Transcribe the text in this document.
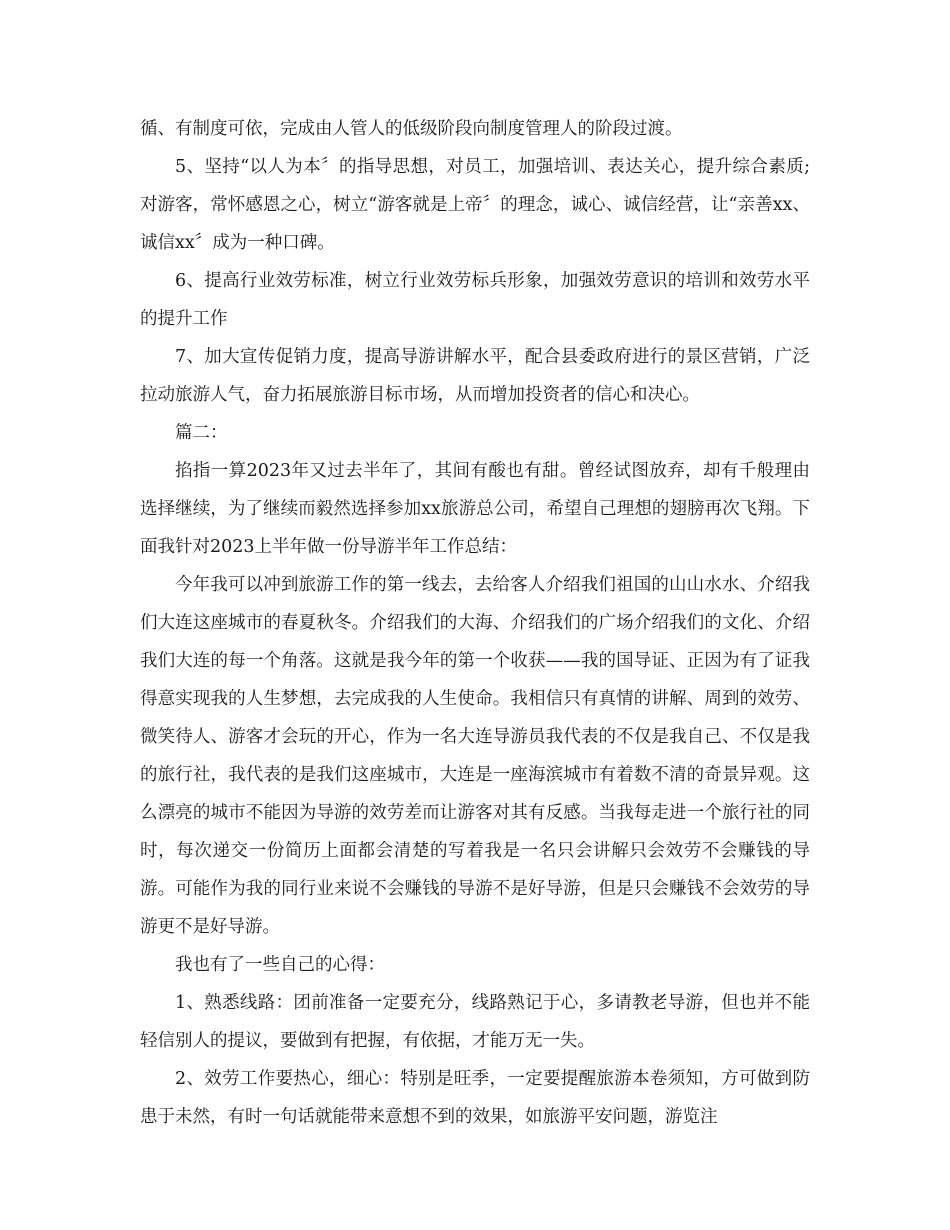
循、有制度可依，完成由人管人的低级阶段向制度管理人的阶段过渡。

5、坚持“以人为本〞的指导思想，对员工，加强培训、表达关心，提升综合素质;对游客，常怀感恩之心，树立“游客就是上帝〞的理念，诚心、诚信经营，让“亲善xx、诚信xx〞成为一种口碑。

6、提高行业效劳标准，树立行业效劳标兵形象，加强效劳意识的培训和效劳水平的提升工作

7、加大宣传促销力度，提高导游讲解水平，配合县委政府进行的景区营销，广泛拉动旅游人气，奋力拓展旅游目标市场，从而增加投资者的信心和决心。

篇二：

掐指一算2023年又过去半年了，其间有酸也有甜。曾经试图放弃，却有千般理由选择继续，为了继续而毅然选择参加xx旅游总公司，希望自己理想的翅膀再次飞翔。下面我针对2023上半年做一份导游半年工作总结：

今年我可以冲到旅游工作的第一线去，去给客人介绍我们祖国的山山水水、介绍我们大连这座城市的春夏秋冬。介绍我们的大海、介绍我们的广场介绍我们的文化、介绍我们大连的每一个角落。这就是我今年的第一个收获——我的国导证、正因为有了证我得意实现我的人生梦想，去完成我的人生使命。我相信只有真情的讲解、周到的效劳、微笑待人、游客才会玩的开心，作为一名大连导游员我代表的不仅是我自己、不仅是我的旅行社，我代表的是我们这座城市，大连是一座海滨城市有着数不清的奇景异观。这么漂亮的城市不能因为导游的效劳差而让游客对其有反感。当我每走进一个旅行社的同时，每次递交一份简历上面都会清楚的写着我是一名只会讲解只会效劳不会赚钱的导游。可能作为我的同行业来说不会赚钱的导游不是好导游，但是只会赚钱不会效劳的导游更不是好导游。

我也有了一些自己的心得：

1、熟悉线路：团前准备一定要充分，线路熟记于心，多请教老导游，但也并不能轻信别人的提议，要做到有把握，有依据，才能万无一失。

2、效劳工作要热心，细心：特别是旺季，一定要提醒旅游本卷须知，方可做到防患于未然，有时一句话就能带来意想不到的效果，如旅游平安问题，游览注
